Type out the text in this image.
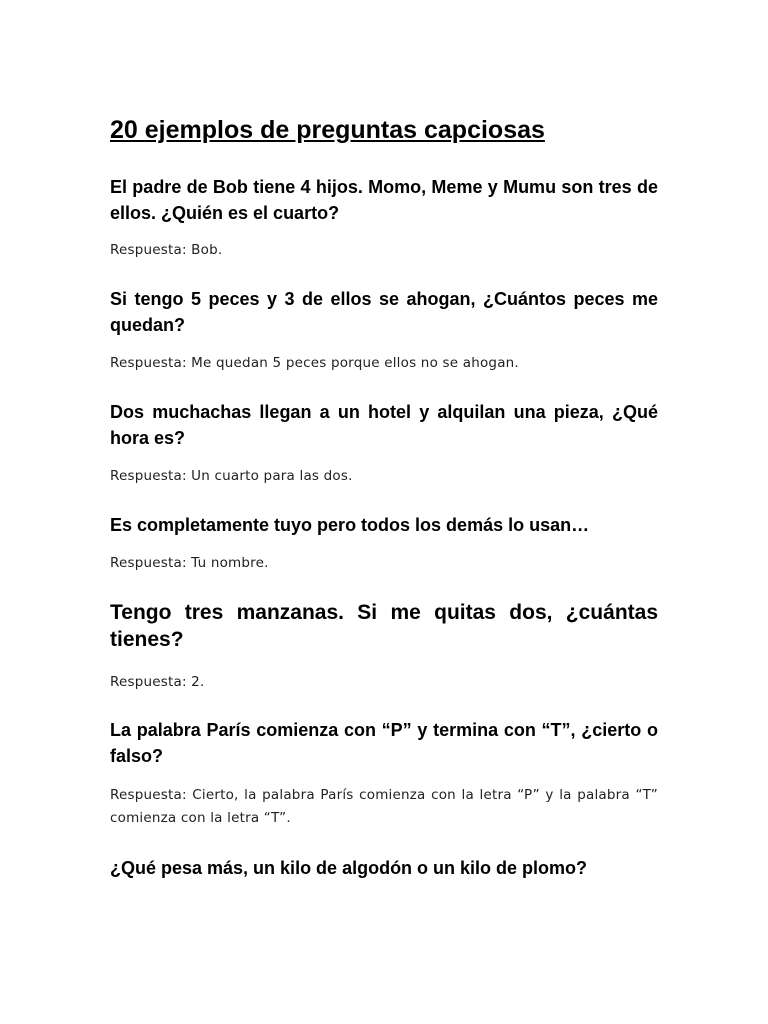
20 ejemplos de preguntas capciosas

El padre de Bob tiene 4 hijos. Momo, Meme y Mumu son tres de ellos. ¿Quién es el cuarto?

Respuesta: Bob.

Si tengo 5 peces y 3 de ellos se ahogan, ¿Cuántos peces me quedan?

Respuesta: Me quedan 5 peces porque ellos no se ahogan.

Dos muchachas llegan a un hotel y alquilan una pieza, ¿Qué hora es?

Respuesta: Un cuarto para las dos.

Es completamente tuyo pero todos los demás lo usan…

Respuesta: Tu nombre.

Tengo tres manzanas. Si me quitas dos, ¿cuántas tienes?

Respuesta: 2.

La palabra París comienza con “P” y termina con “T”, ¿cierto o falso?

Respuesta: Cierto, la palabra París comienza con la letra “P” y la palabra “T” comienza con la letra “T”.

¿Qué pesa más, un kilo de algodón o un kilo de plomo?
